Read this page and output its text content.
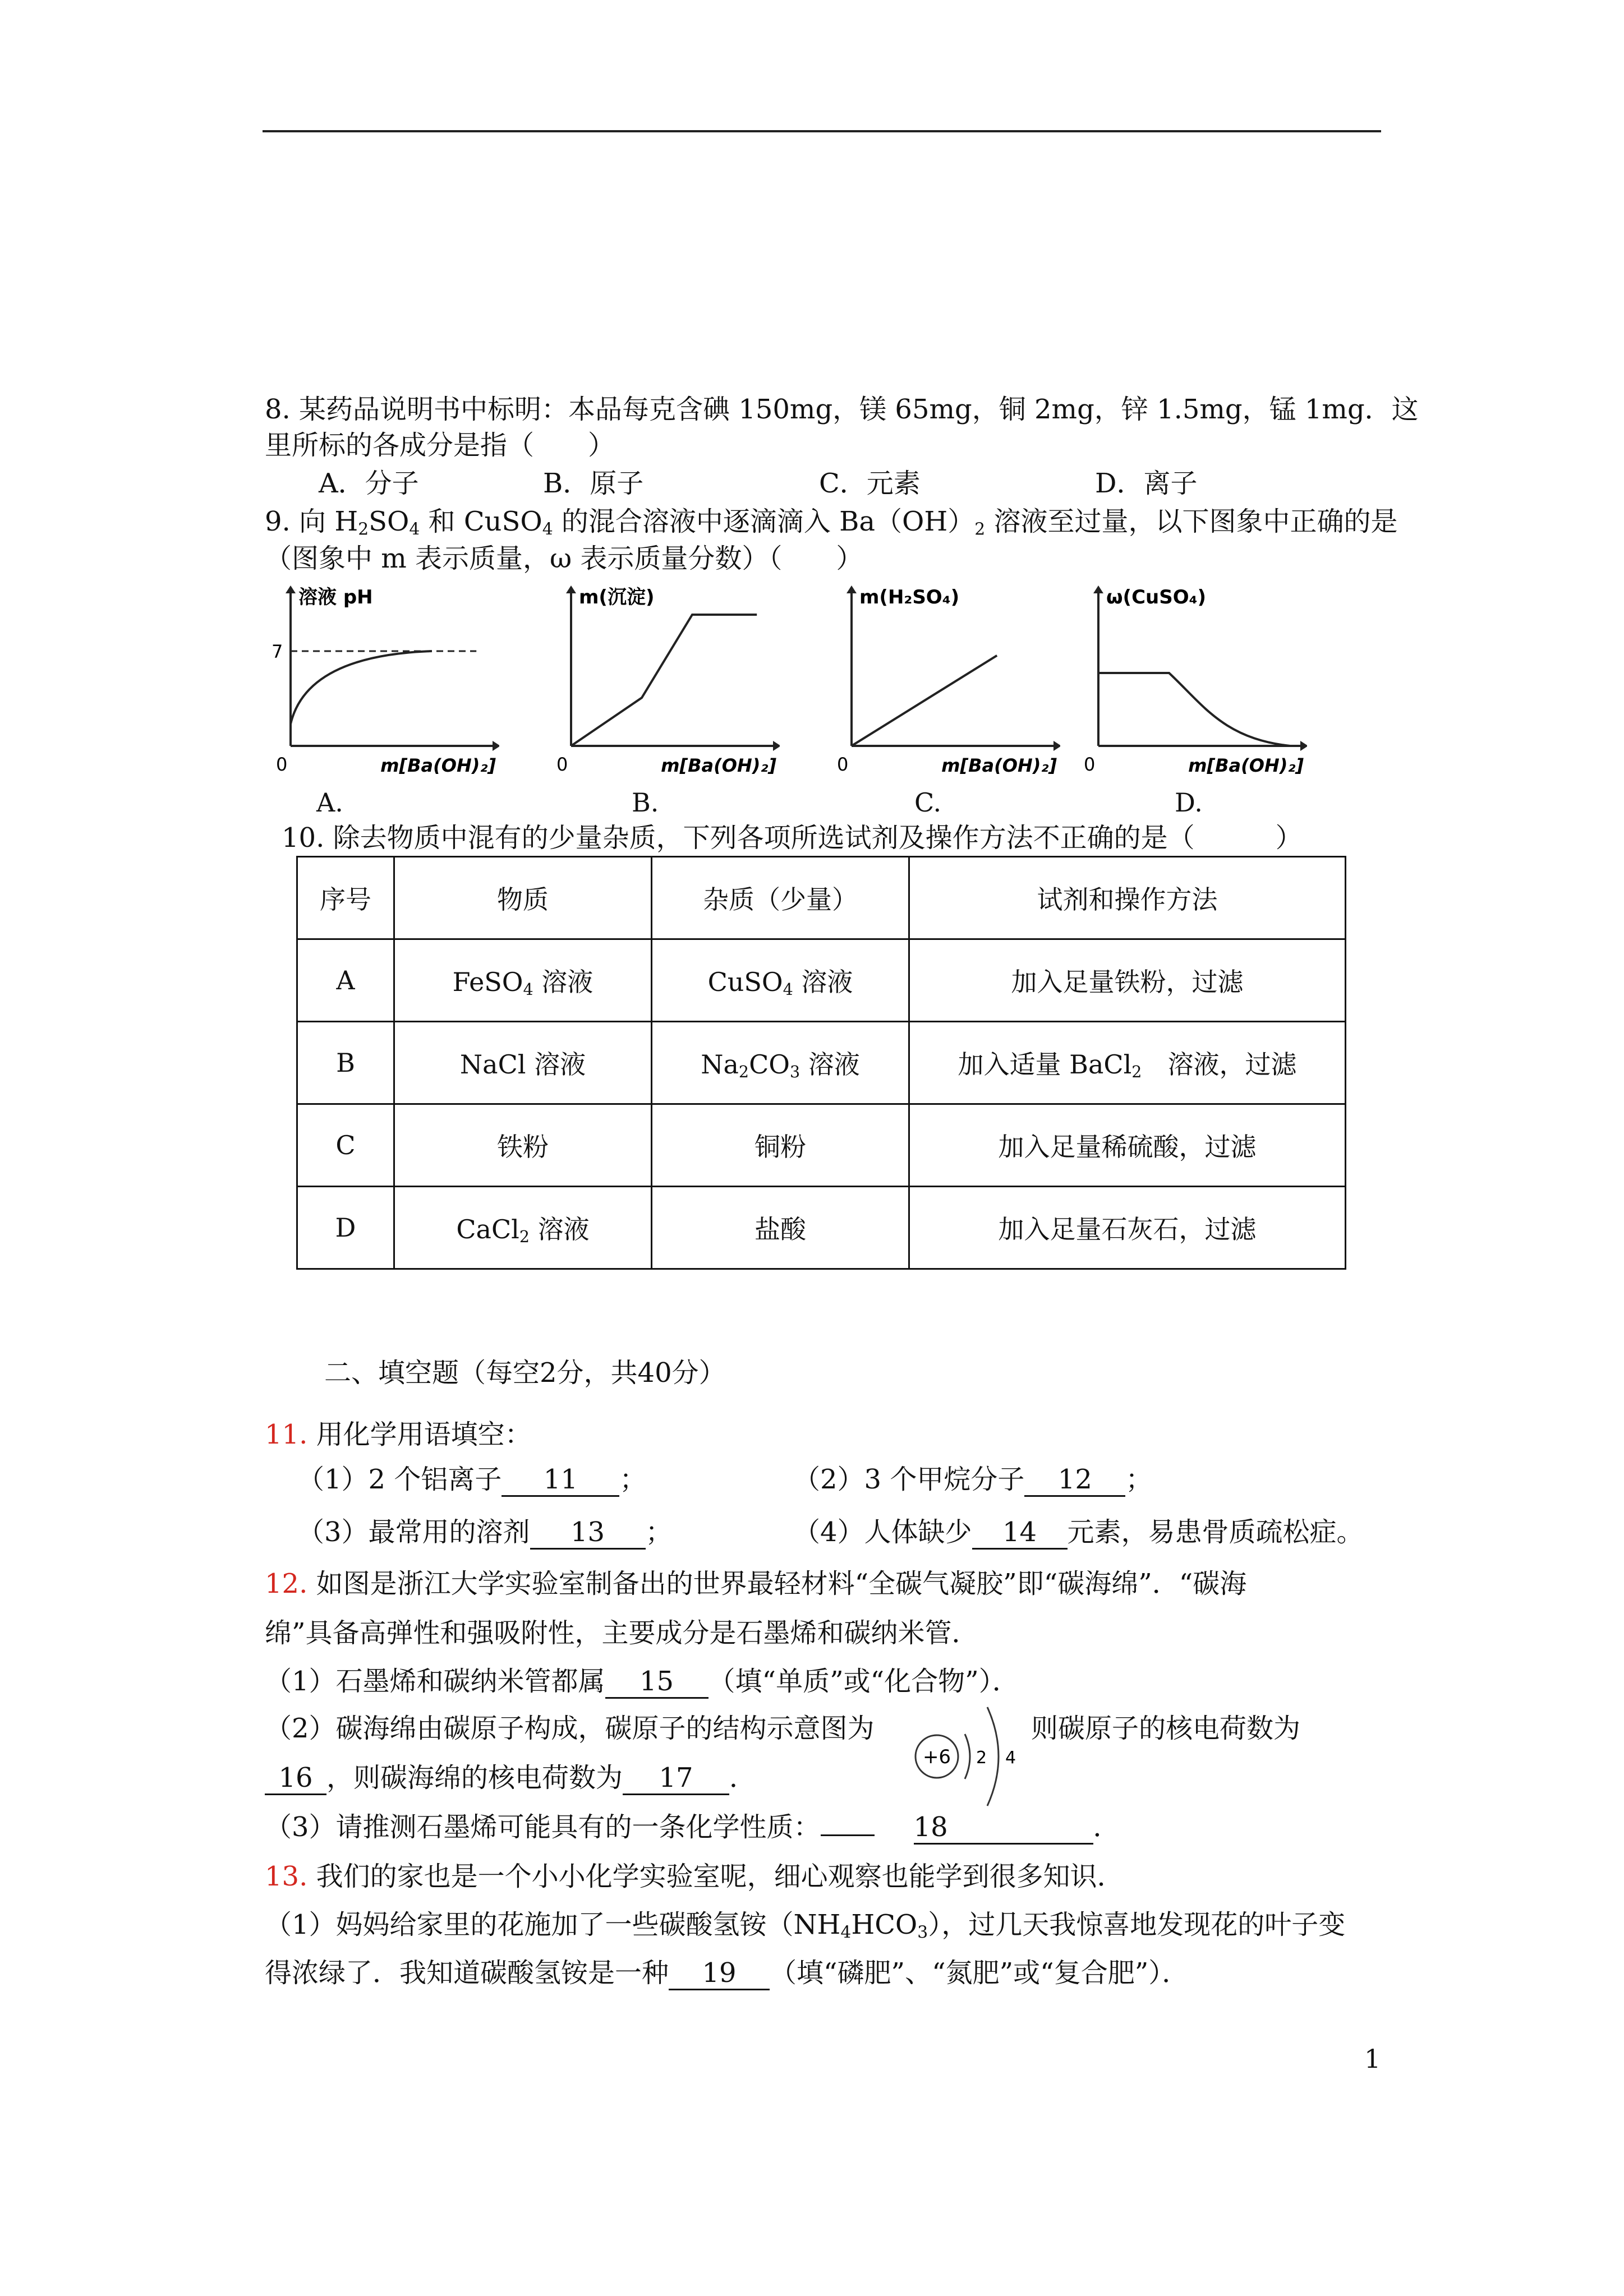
8. 某药品说明书中标明：本品每克含碘 150mg，镁 65mg，铜 2mg，锌 1.5mg，锰 1mg．这
里所标的各成分是指（　　）
A．分子	B．原子	C．元素	D．离子
9. 向 $H_2SO_4$ 和 CuSO$_4$ 的混合溶液中逐滴滴入 $Ba(OH)_2$ 溶液至过量，以下图象中正确的是
（图象中 m 表示质量，ω 表示质量分数）（　　）
溶液 pH
m[Ba(OH)₂]
0
7
m(沉淀)
m[Ba(OH)₂]
0
m(H₂SO₄)
m[Ba(OH)₂]
0
ω(CuSO₄)
m[Ba(OH)₂]
0
A.	B.	C.	D.
10. 除去物质中混有的少量杂质，下列各项所选试剂及操作方法不正确的是（　　　）
序号	物质	杂质（少量）	试剂和操作方法
A	FeSO$_4$ 溶液	CuSO$_4$ 溶液	加入足量铁粉，过滤
B	NaCl 溶液	$Na_2CO_3$ 溶液	加入适量 BaCl$_2$　溶液，过滤
C	铁粉	铜粉	加入足量稀硫酸，过滤
D	CaCl$_2$ 溶液	盐酸	加入足量石灰石，过滤
二、填空题（每空2分，共40分）
11. 用化学用语填空：
（1）2 个铝离子 11 ；	（2）3 个甲烷分子 12 ；
（3）最常用的溶剂 13 ；	（4）人体缺少 14 元素，易患骨质疏松症。
12. 如图是浙江大学实验室制备出的世界最轻材料“全碳气凝胶”即“碳海绵”．“碳海
绵”具备高弹性和强吸附性，主要成分是石墨烯和碳纳米管．
（1）石墨烯和碳纳米管都属 15 （填“单质”或“化合物”）．
（2）碳海绵由碳原子构成，碳原子的结构示意图为	则碳原子的核电荷数为
+6 2 4
16 ，则碳海绵的核电荷数为 17 ．
（3）请推测石墨烯可能具有的一条化学性质：	18	．
13. 我们的家也是一个小小化学实验室呢，细心观察也能学到很多知识．
（1）妈妈给家里的花施加了一些碳酸氢铵$(NH_4HCO_3)$，过几天我惊喜地发现花的叶子变
得浓绿了．我知道碳酸氢铵是一种 19 （填“磷肥”、“氮肥”或“复合肥”）．
1
